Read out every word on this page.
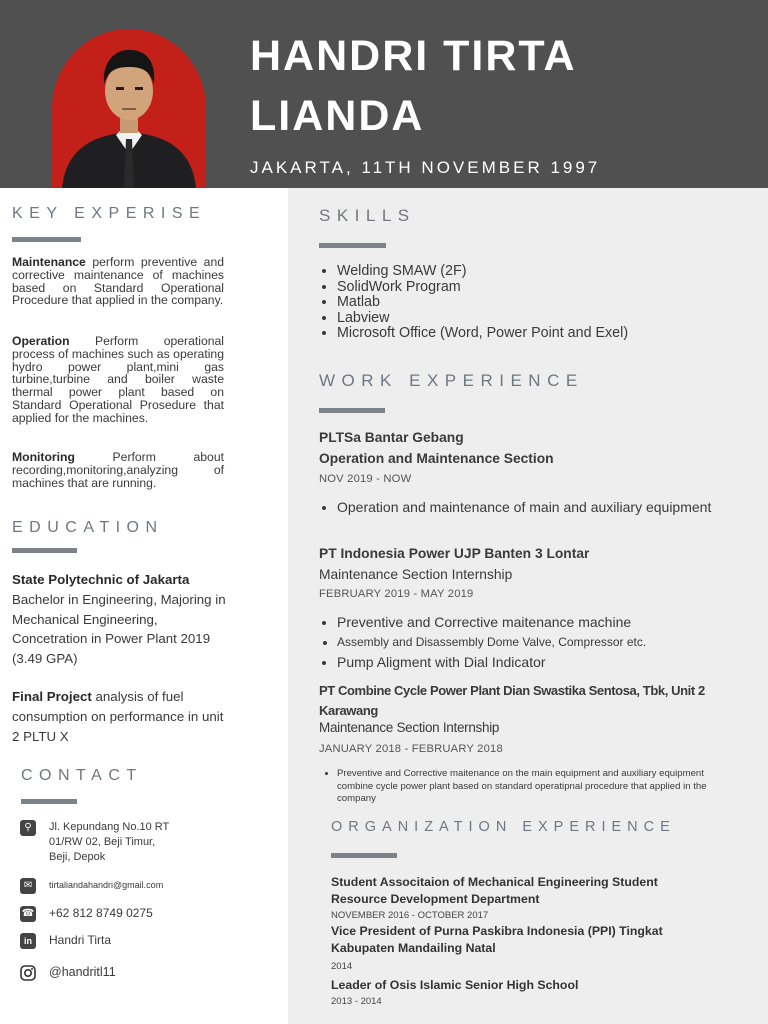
HANDRI TIRTA
LIANDA
JAKARTA, 11TH NOVEMBER 1997
KEY EXPERISE
Maintenance perform preventive and corrective maintenance of machines based on Standard Operational Procedure that applied in the company.
Operation Perform operational process of machines such as operating hydro power plant,mini gas turbine,turbine and boiler waste thermal power plant based on Standard Operational Prosedure that applied for the machines.
Monitoring Perform about recording,monitoring,analyzing of machines that are running.
EDUCATION
State Polytechnic of Jakarta
Bachelor in Engineering, Majoring in Mechanical Engineering, Concetration in Power Plant 2019 (3.49 GPA)
Final Project analysis of fuel consumption on performance in unit 2 PLTU X
CONTACT
⚲	Jl. Kepundang No.10 RT
01/RW 02, Beji Timur,
Beji, Depok
✉	tirtaliandahandri@gmail.com
☎ +62 812 8749 0275
in	Handri Tirta
@handritl11
SKILLS
• Welding SMAW (2F)
• SolidWork Program
• Matlab
• Labview
• Microsoft Office (Word, Power Point and Exel)
WORK EXPERIENCE
PLTSa Bantar Gebang
Operation and Maintenance Section
NOV 2019 - NOW
• Operation and maintenance of main and auxiliary equipment
PT Indonesia Power UJP Banten 3 Lontar
Maintenance Section Internship
FEBRUARY 2019 - MAY 2019
• Preventive and Corrective maitenance machine
• Assembly and Disassembly Dome Valve, Compressor etc.
• Pump Aligment with Dial Indicator
PT Combine Cycle Power Plant Dian Swastika Sentosa, Tbk, Unit 2 Karawang
Maintenance Section Internship
JANUARY 2018 - FEBRUARY 2018
• Preventive and Corrective maitenance on the main equipment and auxiliary equipment combine cycle power plant based on standard operatipnal procedure that applied in the company
ORGANIZATION EXPERIENCE
Student Associtaion of Mechanical Engineering Student Resource Development Department
NOVEMBER 2016 - OCTOBER 2017
Vice President of Purna Paskibra Indonesia (PPI) Tingkat Kabupaten Mandailing Natal
2014
Leader of Osis Islamic Senior High School
2013 - 2014
